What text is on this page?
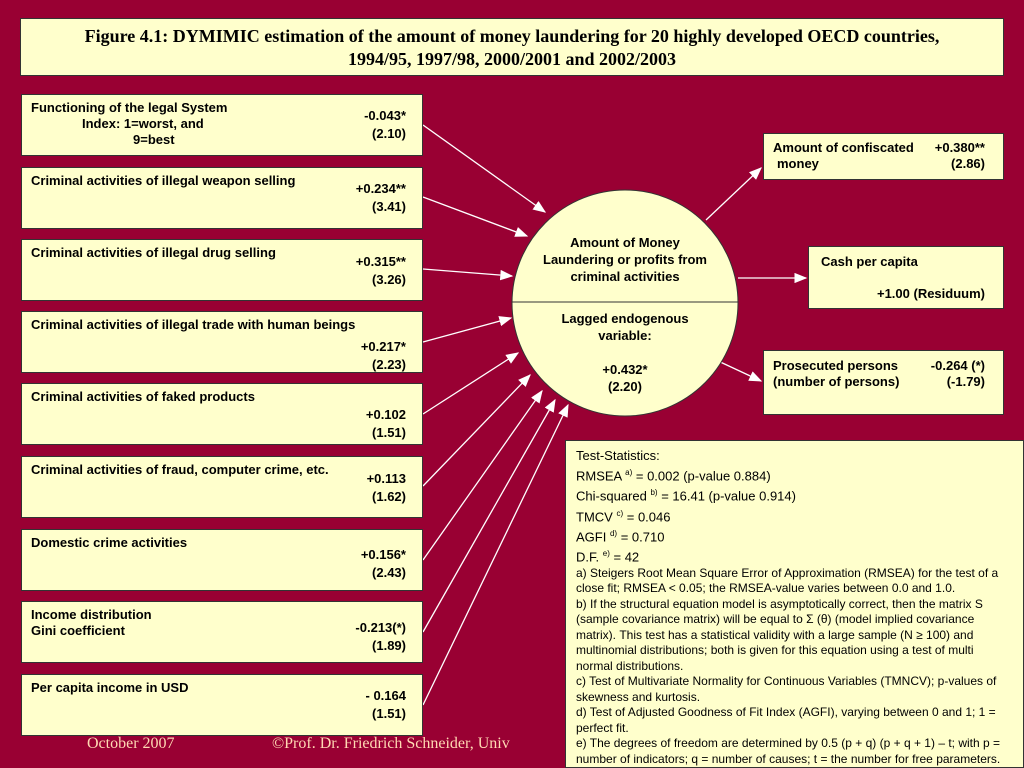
Figure 4.1: DYMIMIC estimation of the amount of money laundering for 20 highly developed OECD countries,
1994/95, 1997/98, 2000/2001 and 2002/2003
Functioning of the legal System
Index: 1=worst, and
9=best
-0.043*
(2.10)
Criminal activities of illegal weapon selling
+0.234**
(3.41)
Criminal activities of illegal drug selling
+0.315**
(3.26)
Criminal activities of illegal trade with human beings
+0.217*
(2.23)
Criminal activities of faked products
+0.102
(1.51)
Criminal activities of fraud, computer crime, etc.
+0.113
(1.62)
Domestic crime activities
+0.156*
(2.43)
Income distribution
Gini coefficient	-0.213(*)
(1.89)
Per capita income in USD
- 0.164
(1.51)
Amount of Money
Laundering or profits from
criminal activities
Lagged endogenous
variable:
+0.432*
(2.20)
Amount of confiscated
money
+0.380**
(2.86)
Cash per capita
+1.00 (Residuum)
Prosecuted persons
(number of persons)
-0.264 (*)
(-1.79)
October 2007	©Prof. Dr. Friedrich Schneider, Univ
Test-Statistics:
RMSEA $^{a)}$ = 0.002 (p-value 0.884)
Chi-squared $^{b)}$ = 16.41 (p-value 0.914)
TMCV $^{c)}$ = 0.046
AGFI $^{d)}$ = 0.710
D.F. $^{e)}$ = 42
a) Steigers Root Mean Square Error of Approximation (RMSEA) for the test of a close fit; RMSEA < 0.05; the RMSEA-value varies between 0.0 and 1.0.
b) If the structural equation model is asymptotically correct, then the matrix S (sample covariance matrix) will be equal to Σ (θ) (model implied covariance matrix). This test has a statistical validity with a large sample (N ≥ 100) and multinomial distributions; both is given for this equation using a test of multi normal distributions.
c) Test of Multivariate Normality for Continuous Variables (TMNCV); p-values of skewness and kurtosis.
d) Test of Adjusted Goodness of Fit Index (AGFI), varying between 0 and 1; 1 = perfect fit.
e) The degrees of freedom are determined by 0.5 (p + q) (p + q + 1) – t; with p = number of indicators; q = number of causes; t = the number for free parameters.
